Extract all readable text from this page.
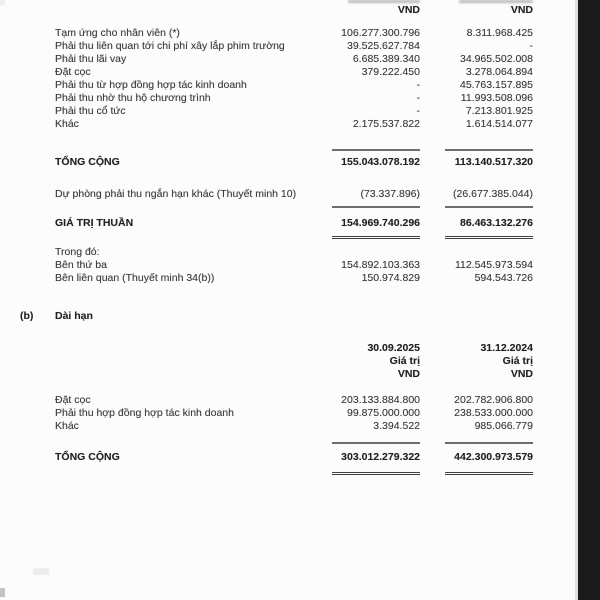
VND	VND
Tạm ứng cho nhân viên (*)	106.277.300.796	8.311.968.425
Phải thu liên quan tới chi phí xây lắp phim trường	39.525.627.784	-
Phải thu lãi vay	6.685.389.340	34.965.502.008
Đặt cọc	379.222.450	3.278.064.894
Phải thu từ hợp đồng hợp tác kinh doanh	-	45.763.157.895
Phải thu nhờ thu hộ chương trình	-	11.993.508.096
Phải thu cổ tức	-	7.213.801.925
Khác	2.175.537.822	1.614.514.077
TỔNG CỘNG	155.043.078.192	113.140.517.320
Dự phòng phải thu ngắn hạn khác (Thuyết minh 10)	(73.337.896)	(26.677.385.044)
GIÁ TRỊ THUẦN	154.969.740.296	86.463.132.276
Trong đó:
Bên thứ ba	154.892.103.363	112.545.973.594
Bên liên quan (Thuyết minh 34(b))	150.974.829	594.543.726
(b)	Dài hạn
30.09.2025	31.12.2024
Giá trị	Giá trị
VND	VND
Đặt cọc	203.133.884.800	202.782.906.800
Phải thu hợp đồng hợp tác kinh doanh	99.875.000.000	238.533.000.000
Khác	3.394.522	985.066.779
TỔNG CỘNG	303.012.279.322	442.300.973.579
